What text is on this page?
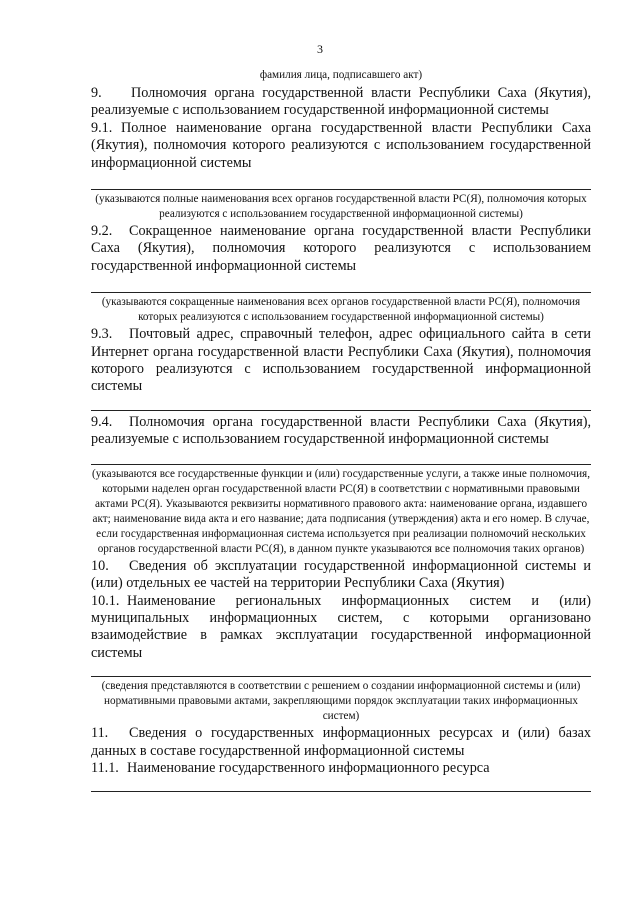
3

фамилия лица, подписавшего акт)

9. Полномочия органа государственной власти Республики Саха (Якутия), реализуемые с использованием государственной информационной системы

9.1. Полное наименование органа государственной власти Республики Саха (Якутия), полномочия которого реализуются с использованием государственной информационной системы

(указываются полные наименования всех органов государственной власти РС(Я), полномочия которых реализуются с использованием государственной информационной системы)

9.2. Сокращенное наименование органа государственной власти Республики Саха (Якутия), полномочия которого реализуются с использованием государственной информационной системы

(указываются сокращенные наименования всех органов государственной власти РС(Я), полномочия которых реализуются с использованием государственной информационной системы)

9.3. Почтовый адрес, справочный телефон, адрес официального сайта в сети Интернет органа государственной власти Республики Саха (Якутия), полномочия которого реализуются с использованием государственной информационной системы

9.4. Полномочия органа государственной власти Республики Саха (Якутия), реализуемые с использованием государственной информационной системы

(указываются все государственные функции и (или) государственные услуги, а также иные полномочия, которыми наделен орган государственной власти РС(Я) в соответствии с нормативными правовыми актами РС(Я). Указываются реквизиты нормативного правового акта: наименование органа, издавшего акт; наименование вида акта и его название; дата подписания (утверждения) акта и его номер. В случае, если государственная информационная система используется при реализации полномочий нескольких органов государственной власти РС(Я), в данном пункте указываются все полномочия таких органов)

10. Сведения об эксплуатации государственной информационной системы и (или) отдельных ее частей на территории Республики Саха (Якутия)

10.1. Наименование региональных информационных систем и (или) муниципальных информационных систем, с которыми организовано взаимодействие в рамках эксплуатации государственной информационной системы

(сведения представляются в соответствии с решением о создании информационной системы и (или) нормативными правовыми актами, закрепляющими порядок эксплуатации таких информационных систем)

11. Сведения о государственных информационных ресурсах и (или) базах данных в составе государственной информационной системы

11.1. Наименование государственного информационного ресурса
